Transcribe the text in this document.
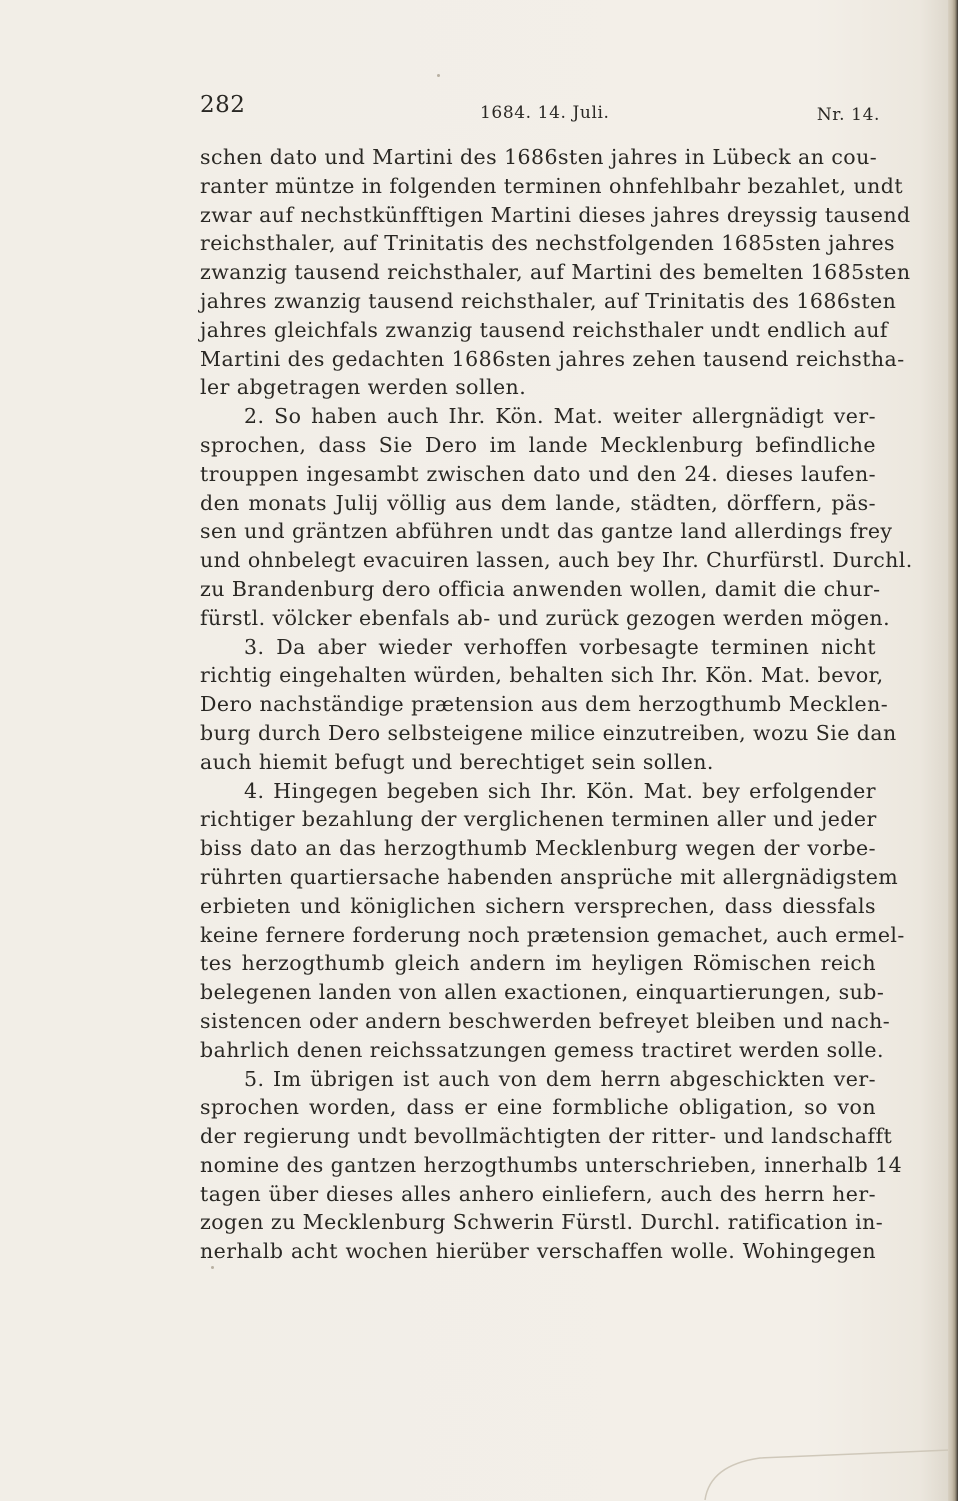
282	1684. 14. Juli.	Nr. 14.
schen dato und Martini des 1686sten jahres in Lübeck an cou-
ranter müntze in folgenden terminen ohnfehlbahr bezahlet, undt
zwar auf nechstkünfftigen Martini dieses jahres dreyssig tausend
reichsthaler, auf Trinitatis des nechstfolgenden 1685sten jahres
zwanzig tausend reichsthaler, auf Martini des bemelten 1685sten
jahres zwanzig tausend reichsthaler, auf Trinitatis des 1686sten
jahres gleichfals zwanzig tausend reichsthaler undt endlich auf
Martini des gedachten 1686sten jahres zehen tausend reichstha-
ler abgetragen werden sollen.
2. So haben auch Ihr. Kön. Mat. weiter allergnädigt ver-
sprochen, dass Sie Dero im lande Mecklenburg befindliche
trouppen ingesambt zwischen dato und den 24. dieses laufen-
den monats Julij völlig aus dem lande, städten, dörffern, päs-
sen und gräntzen abführen undt das gantze land allerdings frey
und ohnbelegt evacuiren lassen, auch bey Ihr. Churfürstl. Durchl.
zu Brandenburg dero officia anwenden wollen, damit die chur-
fürstl. völcker ebenfals ab- und zurück gezogen werden mögen.
3. Da aber wieder verhoffen vorbesagte terminen nicht
richtig eingehalten würden, behalten sich Ihr. Kön. Mat. bevor,
Dero nachständige prætension aus dem herzogthumb Mecklen-
burg durch Dero selbsteigene milice einzutreiben, wozu Sie dan
auch hiemit befugt und berechtiget sein sollen.
4. Hingegen begeben sich Ihr. Kön. Mat. bey erfolgender
richtiger bezahlung der verglichenen terminen aller und jeder
biss dato an das herzogthumb Mecklenburg wegen der vorbe-
rührten quartiersache habenden ansprüche mit allergnädigstem
erbieten und königlichen sichern versprechen, dass diessfals
keine fernere forderung noch prætension gemachet, auch ermel-
tes herzogthumb gleich andern im heyligen Römischen reich
belegenen landen von allen exactionen, einquartierungen, sub-
sistencen oder andern beschwerden befreyet bleiben und nach-
bahrlich denen reichssatzungen gemess tractiret werden solle.
5. Im übrigen ist auch von dem herrn abgeschickten ver-
sprochen worden, dass er eine formbliche obligation, so von
der regierung undt bevollmächtigten der ritter- und landschafft
nomine des gantzen herzogthumbs unterschrieben, innerhalb 14
tagen über dieses alles anhero einliefern, auch des herrn her-
zogen zu Mecklenburg Schwerin Fürstl. Durchl. ratification in-
nerhalb acht wochen hierüber verschaffen wolle. Wohingegen
